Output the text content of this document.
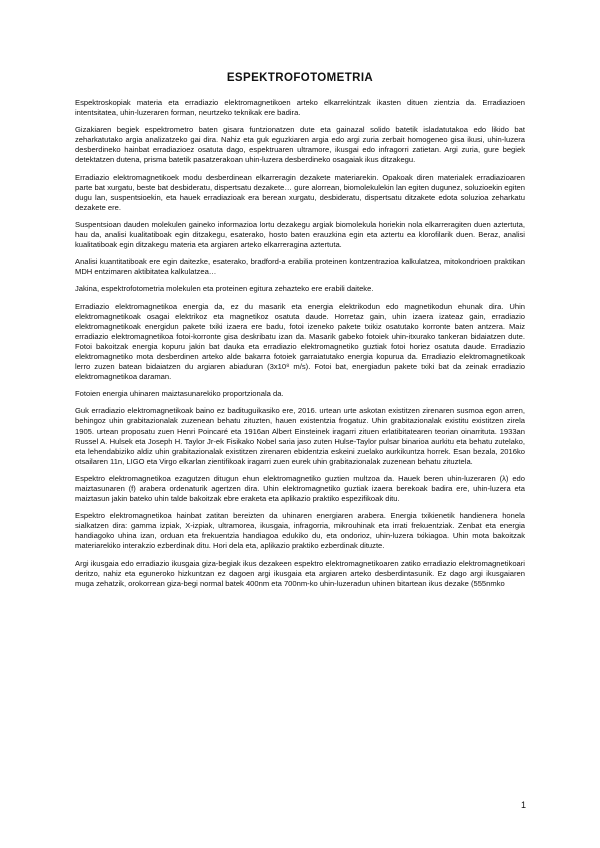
ESPEKTROFOTOMETRIA

Espektroskopiak materia eta erradiazio elektromagnetikoen arteko elkarrekintzak ikasten dituen zientzia da. Erradiazioen intentsitatea, uhin-luzeraren forman, neurtzeko teknikak ere badira.

Gizakiaren begiek espektrometro baten gisara funtzionatzen dute eta gainazal solido batetik isladatutakoa edo likido bat zeharkatutako argia analizatzeko gai dira. Nahiz eta guk eguzkiaren argia edo argi zuria zerbait homogeneo gisa ikusi, uhin-luzera desberdineko hainbat erradiazioez osatuta dago, espektruaren ultramore, ikusgai edo infragorri zatietan. Argi zuria, gure begiek detektatzen dutena, prisma batetik pasatzerakoan uhin-luzera desberdineko osagaiak ikus ditzakegu.

Erradiazio elektromagnetikoek modu desberdinean elkarreragin dezakete materiarekin. Opakoak diren materialek erradiazioaren parte bat xurgatu, beste bat desbideratu, dispertsatu dezakete… gure alorrean, biomolekulekin lan egiten dugunez, soluzioekin egiten dugu lan, suspentsioekin, eta hauek erradiazioak era berean xurgatu, desbideratu, dispertsatu ditzakete edota soluzioa zeharkatu dezakete ere.

Suspentsioan dauden molekulen gaineko informazioa lortu dezakegu argiak biomolekula horiekin nola elkarreragiten duen aztertuta, hau da, analisi kualitatiboak egin ditzakegu, esaterako, hosto baten erauzkina egin eta aztertu ea klorofilarik duen. Beraz, analisi kualitatiboak egin ditzakegu materia eta argiaren arteko elkarreragina aztertuta.

Analisi kuantitatiboak ere egin daitezke, esaterako, bradford-a erabilia proteinen kontzentrazioa kalkulatzea, mitokondrioen praktikan MDH entzimaren aktibitatea kalkulatzea…

Jakina, espektrofotometria molekulen eta proteinen egitura zehazteko ere erabili daiteke.

Erradiazio elektromagnetikoa energia da, ez du masarik eta energia elektrikodun edo magnetikodun ehunak dira. Uhin elektromagnetikoak osagai elektrikoz eta magnetikoz osatuta daude. Horretaz gain, uhin izaera izateaz gain, erradiazio elektromagnetikoak energidun pakete txiki izaera ere badu, fotoi izeneko pakete txikiz osatutako korronte baten antzera. Maiz erradiazio elektromagnetikoa fotoi-korronte gisa deskribatu izan da. Masarik gabeko fotoiek uhin-itxurako tankeran bidaiatzen dute. Fotoi bakoitzak energia kopuru jakin bat dauka eta erradiazio elektromagnetiko guztiak fotoi horiez osatuta daude. Erradiazio elektromagnetiko mota desberdinen arteko alde bakarra fotoiek garraiatutako energia kopurua da. Erradiazio elektromagnetikoak lerro zuzen batean bidaiatzen du argiaren abiaduran (3x10⁸ m/s). Fotoi bat, energiadun pakete txiki bat da zeinak erradiazio elektromagnetikoa daraman.

Fotoien energia uhinaren maiztasunarekiko proportzionala da.

Guk erradiazio elektromagnetikoak baino ez badituguikasiko ere, 2016. urtean urte askotan existitzen zirenaren susmoa egon arren, behingoz uhin grabitazionalak zuzenean behatu zituzten, hauen existentzia frogatuz. Uhin grabitazionalak existitu existitzen zirela 1905. urtean proposatu zuen Henri Poincaré eta 1916an Albert Einsteinek iragarri zituen erlatibitatearen teorian oinarrituta. 1933an Russel A. Hulsek eta Joseph H. Taylor Jr-ek Fisikako Nobel saria jaso zuten Hulse-Taylor pulsar binarioa aurkitu eta behatu zutelako, eta lehendabiziko aldiz uhin grabitazionalak existitzen zirenaren ebidentzia eskeini zuelako aurkikuntza horrek. Esan bezala, 2016ko otsailaren 11n, LIGO eta Virgo elkarlan zientifikoak iragarri zuen eurek uhin grabitazionalak zuzenean behatu zituztela.

Espektro elektromagnetikoa ezagutzen ditugun ehun elektromagnetiko guztien multzoa da. Hauek beren uhin-luzeraren (λ) edo maiztasunaren (f) arabera ordenaturik agertzen dira. Uhin elektromagnetiko guztiak izaera berekoak badira ere, uhin-luzera eta maiztasun jakin bateko uhin talde bakoitzak ebre eraketa eta aplikazio praktiko espezifikoak ditu.

Espektro elektromagnetikoa hainbat zatitan bereizten da uhinaren energiaren arabera. Energia txikienetik handienera honela sialkatzen dira: gamma izpiak, X-izpiak, ultramorea, ikusgaia, infragorria, mikrouhinak eta irrati frekuentziak. Zenbat eta energia handiagoko uhina izan, orduan eta frekuentzia handiagoa edukiko du, eta ondorioz, uhin-luzera txikiagoa. Uhin mota bakoitzak materiarekiko interakzio ezberdinak ditu. Hori dela eta, aplikazio praktiko ezberdinak dituzte.

Argi ikusgaia edo erradiazio ikusgaia giza-begiak ikus dezakeen espektro elektromagnetikoaren zatiko erradiazio elektromagnetikoari deritzo, nahiz eta eguneroko hizkuntzan ez dagoen argi ikusgaia eta argiaren arteko desberdintasunik. Ez dago argi ikusgaiaren muga zehatzik, orokorrean giza-begi normal batek 400nm eta 700nm-ko uhin-luzeradun uhinen bitartean ikus dezake (555nmko

1
